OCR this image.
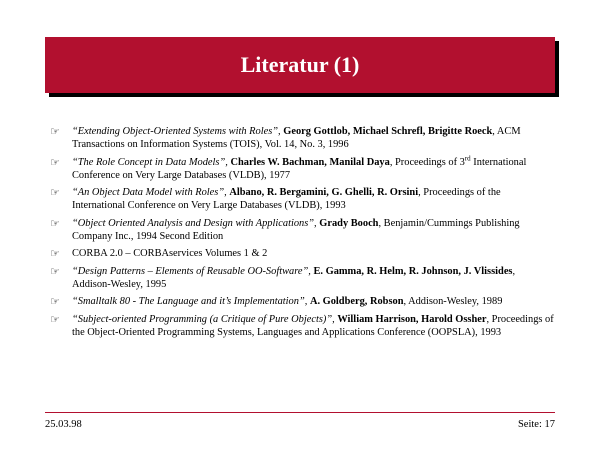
Literatur (1)
☞	“Extending Object-Oriented Systems with Roles”, Georg Gottlob, Michael Schrefl, Brigitte Roeck, ACM Transactions on Information Systems (TOIS), Vol. 14, No. 3, 1996
☞	“The Role Concept in Data Models”, Charles W. Bachman, Manilal Daya, Proceedings of 3rd International Conference on Very Large Databases (VLDB), 1977
☞	“An Object Data Model with Roles”, Albano, R. Bergamini, G. Ghelli, R. Orsini, Proceedings of the International Conference on Very Large Databases (VLDB), 1993
☞	“Object Oriented Analysis and Design with Applications”, Grady Booch, Benjamin/Cummings Publishing Company Inc., 1994 Second Edition
☞	CORBA 2.0 – CORBAservices Volumes 1 & 2
☞	“Design Patterns – Elements of Reusable OO-Software”, E. Gamma, R. Helm, R. Johnson, J. Vlissides, Addison-Wesley, 1995
☞	“Smalltalk 80 - The Language and it’s Implementation”, A. Goldberg, Robson, Addison-Wesley, 1989
☞	“Subject-oriented Programming (a Critique of Pure Objects)”, William Harrison, Harold Ossher, Proceedings of the Object-Oriented Programming Systems, Languages and Applications Conference (OOPSLA), 1993
25.03.98	Seite: 17
